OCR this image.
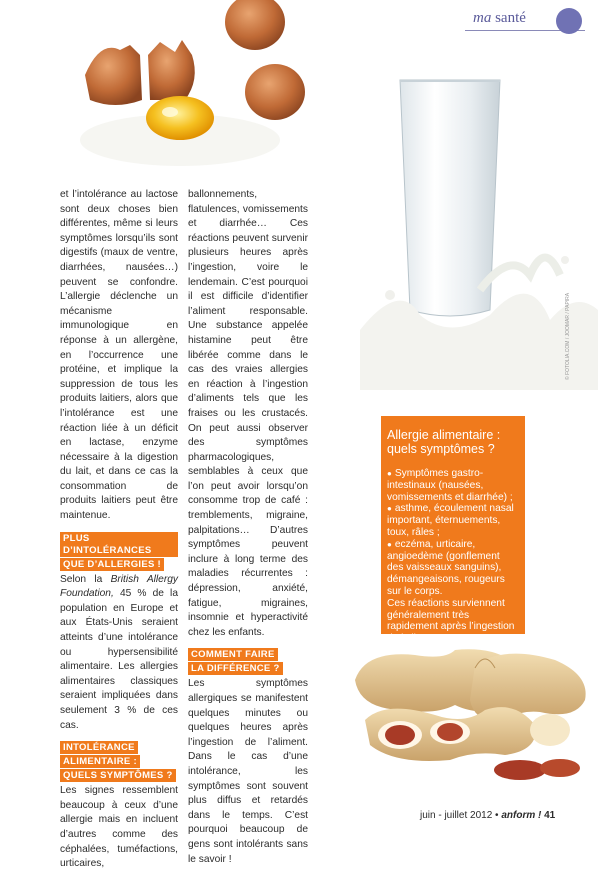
ma santé
© FOTOLIA.COM / JOOMAR / PAPIRA

et l’intolérance au lactose sont deux choses bien différentes, même si leurs symptômes lorsqu’ils sont digestifs (maux de ventre, diarrhées, nausées…) peuvent se confondre. L’allergie déclenche un mécanisme immunologique en réponse à un allergène, en l’occurrence une protéine, et implique la suppression de tous les produits laitiers, alors que l’intolérance est une réaction liée à un déficit en lactase, enzyme nécessaire à la digestion du lait, et dans ce cas la consommation de produits laitiers peut être maintenue.

PLUS D’INTOLÉRANCES
QUE D’ALLERGIES !

Selon la British Allergy Foundation, 45 % de la population en Europe et aux États-Unis seraient atteints d’une intolérance ou hypersensibilité alimentaire. Les allergies alimentaires classiques seraient impliquées dans seulement 3 % de ces cas.

INTOLÉRANCE
ALIMENTAIRE :
QUELS SYMPTÔMES ?

Les signes ressemblent beaucoup à ceux d’une allergie mais en incluent d’autres comme des céphalées, tuméfactions, urticaires,

ballonnements, flatulences, vomissements et diarrhée… Ces réactions peuvent survenir plusieurs heures après l’ingestion, voire le lendemain. C’est pourquoi il est difficile d’identifier l’aliment responsable. Une substance appelée histamine peut être libérée comme dans le cas des vraies allergies en réaction à l’ingestion d’aliments tels que les fraises ou les crustacés. On peut aussi observer des symptômes pharmacologiques, semblables à ceux que l’on peut avoir lorsqu’on consomme trop de café : tremblements, migraine, palpitations… D’autres symptômes peuvent inclure à long terme des maladies récurrentes : dépression, anxiété, fatigue, migraines, insomnie et hyperactivité chez les enfants.

COMMENT FAIRE
LA DIFFÉRENCE ?

Les symptômes allergiques se manifestent quelques minutes ou quelques heures après l’ingestion de l’aliment. Dans le cas d’une intolérance, les symptômes sont souvent plus diffus et retardés dans le temps. C’est pourquoi beaucoup de gens sont intolérants sans le savoir !

Allergie alimentaire : quels symptômes ?

● Symptômes gastro-intestinaux (nausées, vomissements et diarrhée) ;

● asthme, écoulement nasal important, éternuements, toux, râles ;

● eczéma, urticaire, angioedème (gonflement des vaisseaux sanguins), démangeaisons, rougeurs sur le corps.

Ces réactions surviennent généralement très rapidement après l’ingestion de l’aliment.

juin - juillet 2012 • anform ! 41
